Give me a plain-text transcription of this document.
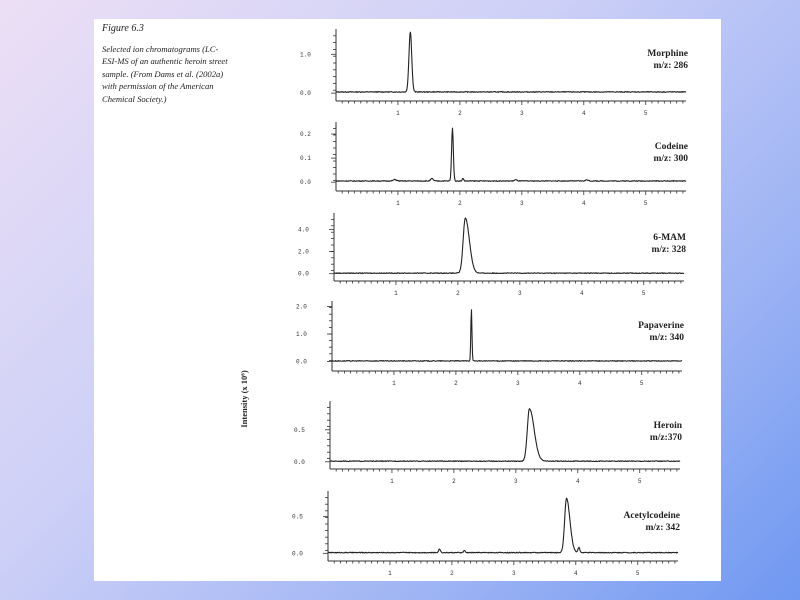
Figure 6.3
Selected ion chromatograms (LC-ESI-MS of an authentic heroin street sample. (From Dams et al. (2002a) with permission of the American Chemical Society.)
Intensity (x 10⁶)
1	2	3	4	5
0.0
1.0	Morphine
m/z: 286
1	2	3	4	5
0.0
0.1
0.2
Codeine
m/z: 300
1	2	3	4	5
0.0
2.0
4.0
6-MAM
m/z: 328
1	2	3	4	5
0.0
1.0
2.0
Papaverine
m/z: 340
1	2	3	4	5
0.0
0.5	Heroin
m/z:370
1	2	3	4	5
0.0
0.5	Acetylcodeine
m/z: 342
